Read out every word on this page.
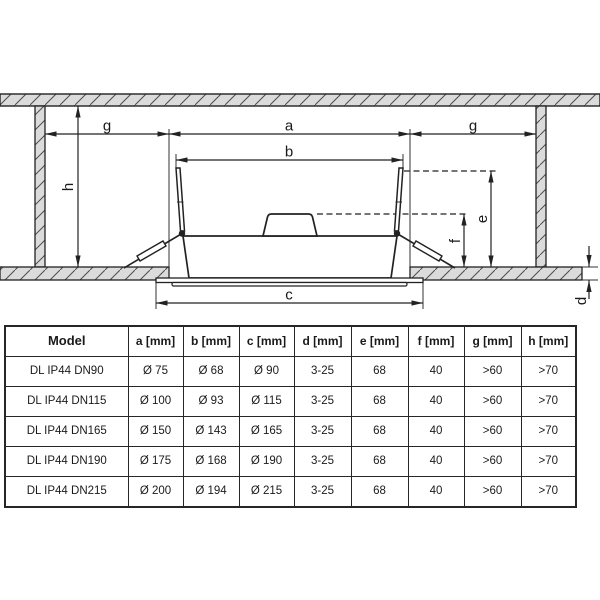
g	a	g
b
c
h
e
f
d
Model	a [mm]	b [mm]	c [mm]	d [mm]	e [mm]	f [mm]	g [mm]	h [mm]
DL IP44 DN90	Ø 75	Ø 68	Ø 90	3-25	68	40	>60	>70
DL IP44 DN115	Ø 100	Ø 93	Ø 115	3-25	68	40	>60	>70
DL IP44 DN165	Ø 150	Ø 143	Ø 165	3-25	68	40	>60	>70
DL IP44 DN190	Ø 175	Ø 168	Ø 190	3-25	68	40	>60	>70
DL IP44 DN215	Ø 200	Ø 194	Ø 215	3-25	68	40	>60	>70
